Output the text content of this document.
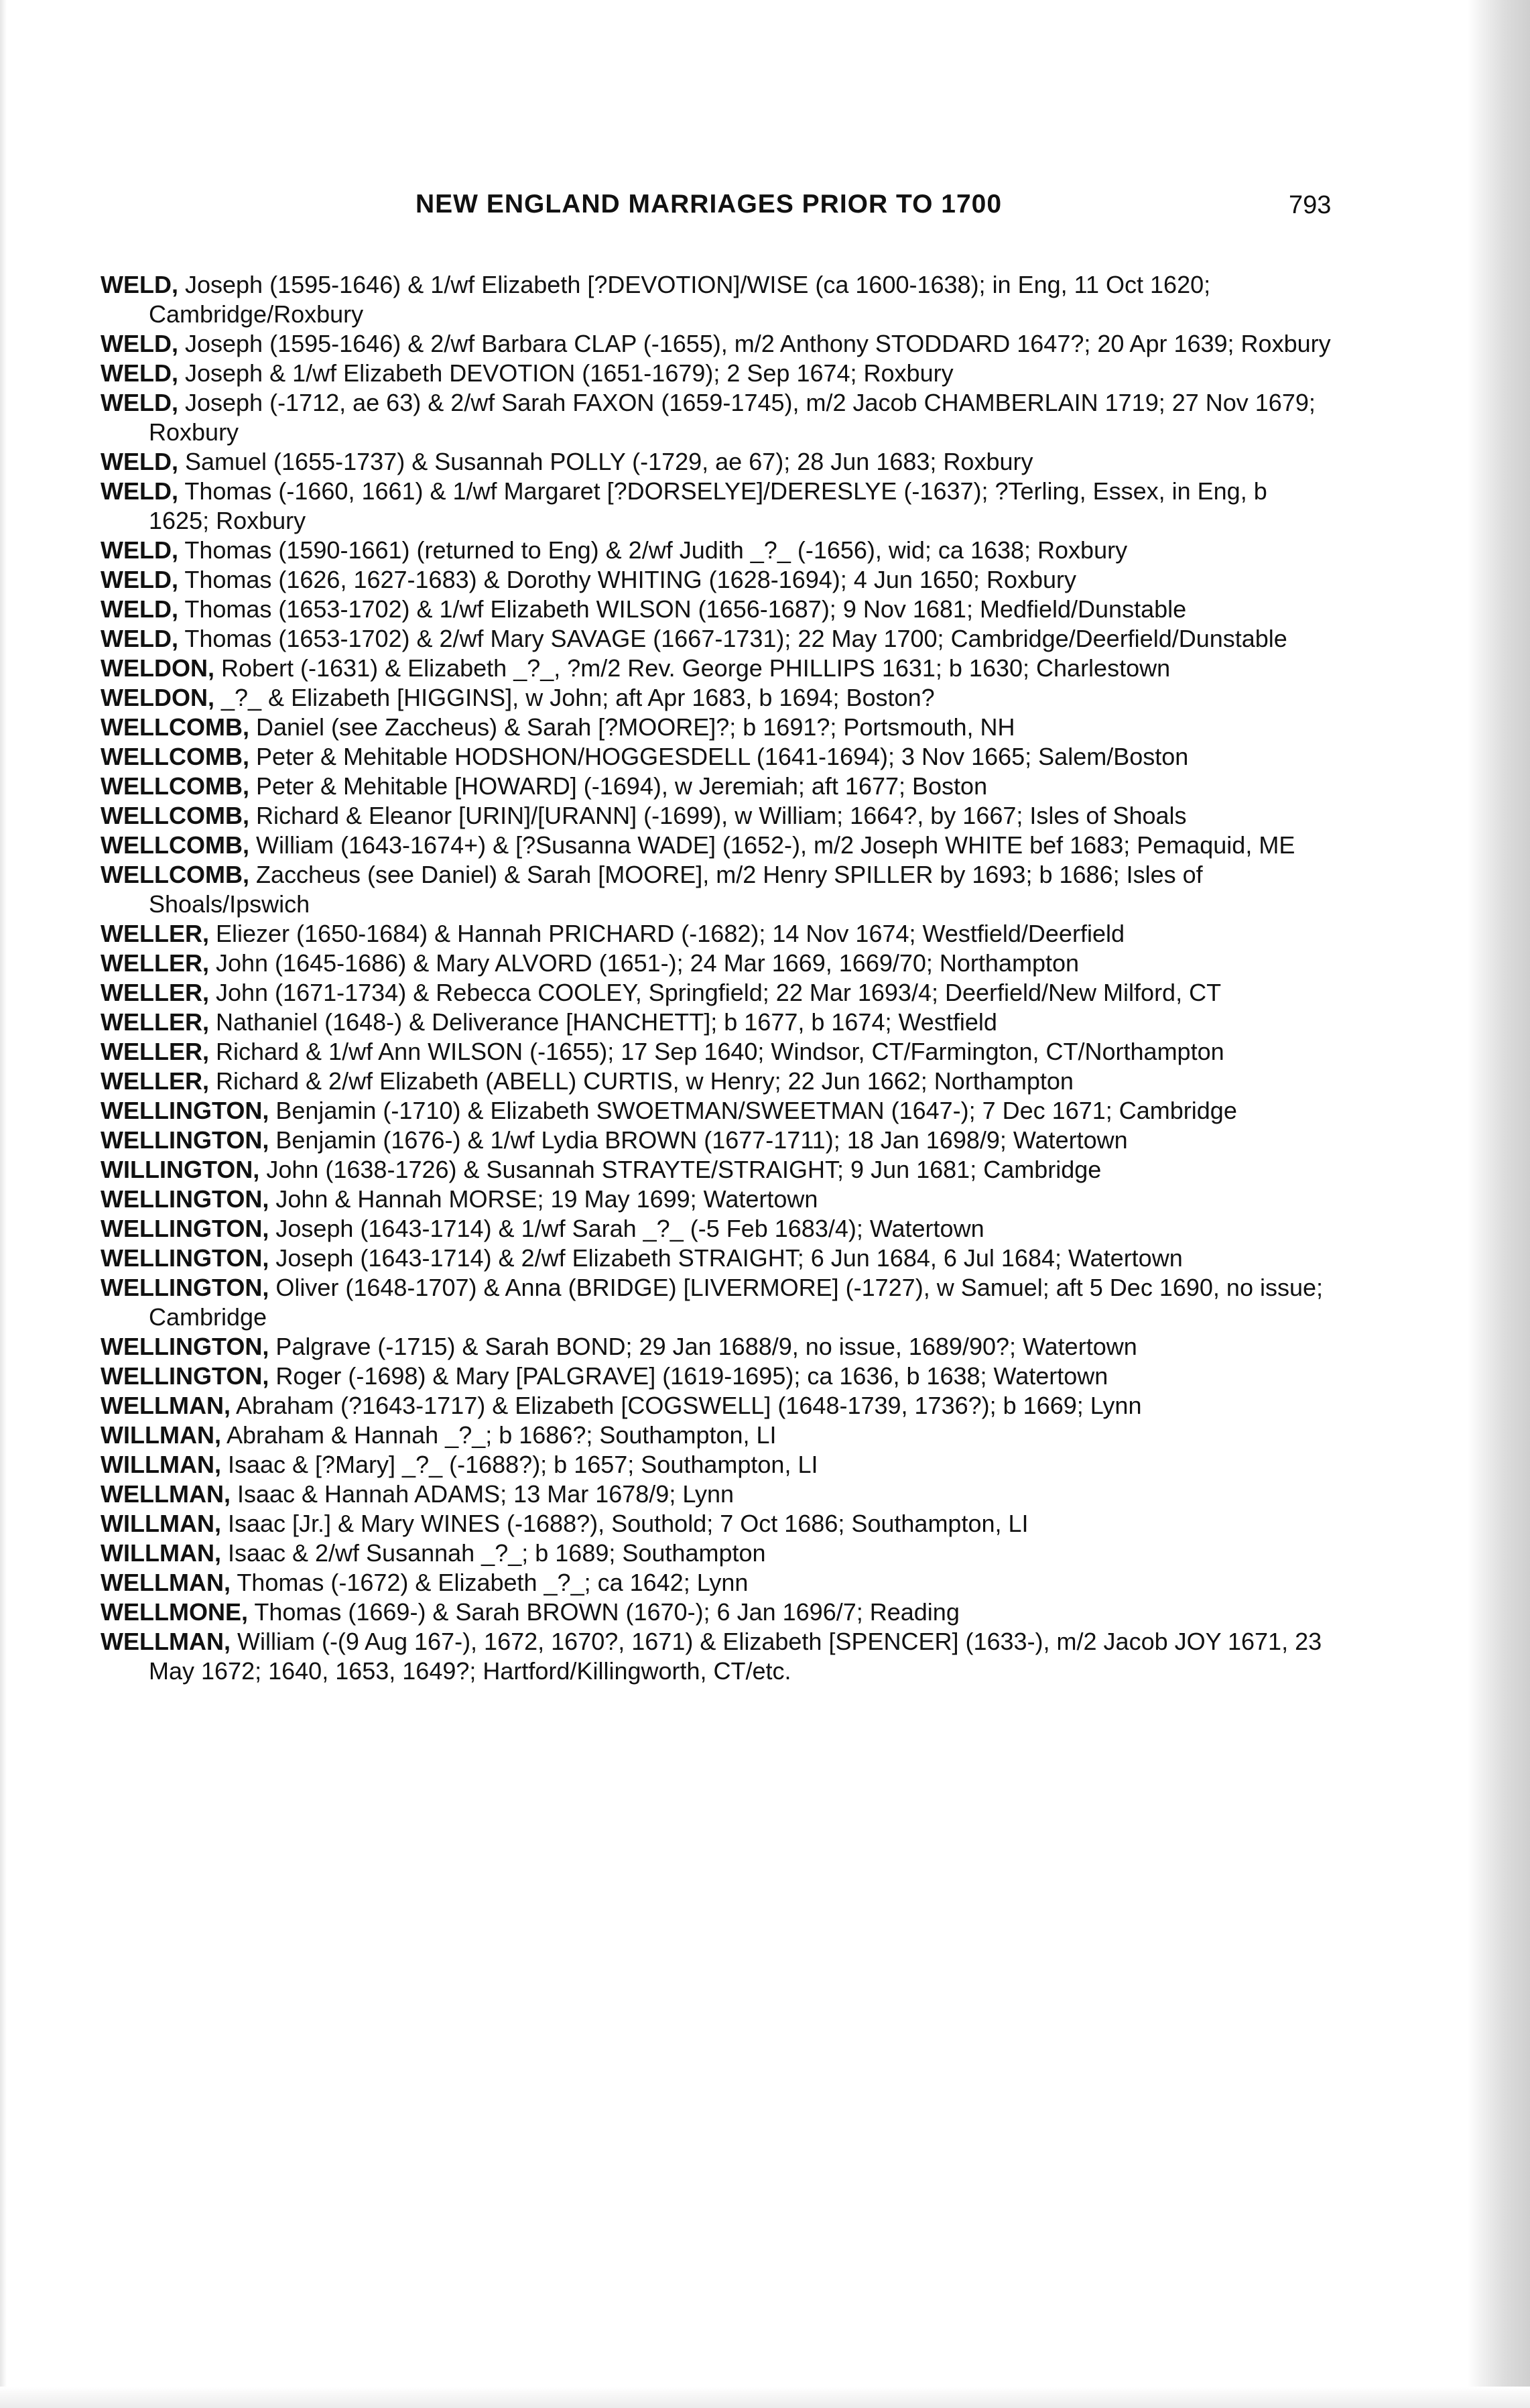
NEW ENGLAND MARRIAGES PRIOR TO 1700	793
WELD, Joseph (1595-1646) & 1/wf Elizabeth [?DEVOTION]/WISE (ca 1600-1638); in Eng, 11 Oct 1620; Cambridge/Roxbury
WELD, Joseph (1595-1646) & 2/wf Barbara CLAP (-1655), m/2 Anthony STODDARD 1647?; 20 Apr 1639; Roxbury
WELD, Joseph & 1/wf Elizabeth DEVOTION (1651-1679); 2 Sep 1674; Roxbury
WELD, Joseph (-1712, ae 63) & 2/wf Sarah FAXON (1659-1745), m/2 Jacob CHAMBERLAIN 1719; 27 Nov 1679; Roxbury
WELD, Samuel (1655-1737) & Susannah POLLY (-1729, ae 67); 28 Jun 1683; Roxbury
WELD, Thomas (-1660, 1661) & 1/wf Margaret [?DORSELYE]/DERESLYE (-1637); ?Terling, Essex, in Eng, b 1625; Roxbury
WELD, Thomas (1590-1661) (returned to Eng) & 2/wf Judith _?_ (-1656), wid; ca 1638; Roxbury
WELD, Thomas (1626, 1627-1683) & Dorothy WHITING (1628-1694); 4 Jun 1650; Roxbury
WELD, Thomas (1653-1702) & 1/wf Elizabeth WILSON (1656-1687); 9 Nov 1681; Medfield/Dunstable
WELD, Thomas (1653-1702) & 2/wf Mary SAVAGE (1667-1731); 22 May 1700; Cambridge/Deerfield/Dunstable
WELDON, Robert (-1631) & Elizabeth _?_, ?m/2 Rev. George PHILLIPS 1631; b 1630; Charlestown
WELDON, _?_ & Elizabeth [HIGGINS], w John; aft Apr 1683, b 1694; Boston?
WELLCOMB, Daniel (see Zaccheus) & Sarah [?MOORE]?; b 1691?; Portsmouth, NH
WELLCOMB, Peter & Mehitable HODSHON/HOGGESDELL (1641-1694); 3 Nov 1665; Salem/Boston
WELLCOMB, Peter & Mehitable [HOWARD] (-1694), w Jeremiah; aft 1677; Boston
WELLCOMB, Richard & Eleanor [URIN]/[URANN] (-1699), w William; 1664?, by 1667; Isles of Shoals
WELLCOMB, William (1643-1674+) & [?Susanna WADE] (1652-), m/2 Joseph WHITE bef 1683; Pemaquid, ME
WELLCOMB, Zaccheus (see Daniel) & Sarah [MOORE], m/2 Henry SPILLER by 1693; b 1686; Isles of Shoals/Ipswich
WELLER, Eliezer (1650-1684) & Hannah PRICHARD (-1682); 14 Nov 1674; Westfield/Deerfield
WELLER, John (1645-1686) & Mary ALVORD (1651-); 24 Mar 1669, 1669/70; Northampton
WELLER, John (1671-1734) & Rebecca COOLEY, Springfield; 22 Mar 1693/4; Deerfield/New Milford, CT
WELLER, Nathaniel (1648-) & Deliverance [HANCHETT]; b 1677, b 1674; Westfield
WELLER, Richard & 1/wf Ann WILSON (-1655); 17 Sep 1640; Windsor, CT/Farmington, CT/Northampton
WELLER, Richard & 2/wf Elizabeth (ABELL) CURTIS, w Henry; 22 Jun 1662; Northampton
WELLINGTON, Benjamin (-1710) & Elizabeth SWOETMAN/SWEETMAN (1647-); 7 Dec 1671; Cambridge
WELLINGTON, Benjamin (1676-) & 1/wf Lydia BROWN (1677-1711); 18 Jan 1698/9; Watertown
WILLINGTON, John (1638-1726) & Susannah STRAYTE/STRAIGHT; 9 Jun 1681; Cambridge
WELLINGTON, John & Hannah MORSE; 19 May 1699; Watertown
WELLINGTON, Joseph (1643-1714) & 1/wf Sarah _?_ (-5 Feb 1683/4); Watertown
WELLINGTON, Joseph (1643-1714) & 2/wf Elizabeth STRAIGHT; 6 Jun 1684, 6 Jul 1684; Watertown
WELLINGTON, Oliver (1648-1707) & Anna (BRIDGE) [LIVERMORE] (-1727), w Samuel; aft 5 Dec 1690, no issue; Cambridge
WELLINGTON, Palgrave (-1715) & Sarah BOND; 29 Jan 1688/9, no issue, 1689/90?; Watertown
WELLINGTON, Roger (-1698) & Mary [PALGRAVE] (1619-1695); ca 1636, b 1638; Watertown
WELLMAN, Abraham (?1643-1717) & Elizabeth [COGSWELL] (1648-1739, 1736?); b 1669; Lynn
WILLMAN, Abraham & Hannah _?_; b 1686?; Southampton, LI
WILLMAN, Isaac & [?Mary] _?_ (-1688?); b 1657; Southampton, LI
WELLMAN, Isaac & Hannah ADAMS; 13 Mar 1678/9; Lynn
WILLMAN, Isaac [Jr.] & Mary WINES (-1688?), Southold; 7 Oct 1686; Southampton, LI
WILLMAN, Isaac & 2/wf Susannah _?_; b 1689; Southampton
WELLMAN, Thomas (-1672) & Elizabeth _?_; ca 1642; Lynn
WELLMONE, Thomas (1669-) & Sarah BROWN (1670-); 6 Jan 1696/7; Reading
WELLMAN, William (-(9 Aug 167-), 1672, 1670?, 1671) & Elizabeth [SPENCER] (1633-), m/2 Jacob JOY 1671, 23 May 1672; 1640, 1653, 1649?; Hartford/Killingworth, CT/etc.
